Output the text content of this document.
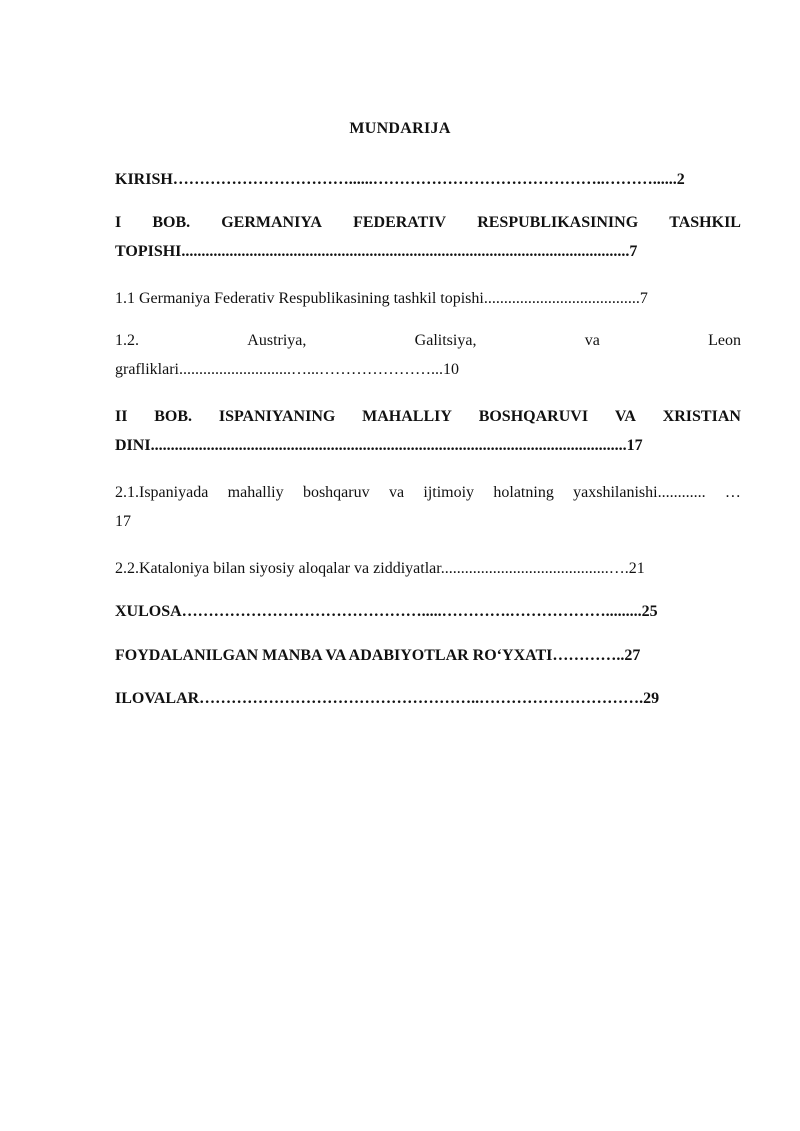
MUNDARIJA
KIRISH……………………………......……………………………………..………......2
I BOB. GERMANIYA FEDERATIV RESPUBLIKASINING TASHKIL
TOPISHI................................................................................................................7
1.1 Germaniya Federativ Respublikasining tashkil topishi.......................................7
1.2.	Austriya,	Galitsiya,	va	Leon
grafliklari............................…...…………………...10
II BOB. ISPANIYANING MAHALLIY BOSHQARUVI VA XRISTIAN
DINI.......................................................................................................................17
2.1.Ispaniyada mahalliy boshqaruv va ijtimoiy holatning yaxshilanishi............ …
17
2.2.Kataloniya bilan siyosiy aloqalar va ziddiyatlar..........................................….21
XULOSA……………………………………….....………….……………….........25
FOYDALANILGAN MANBA VA ADABIYOTLAR RO‘YXATI…………..27
ILOVALAR……………………………………………..………………………….29
